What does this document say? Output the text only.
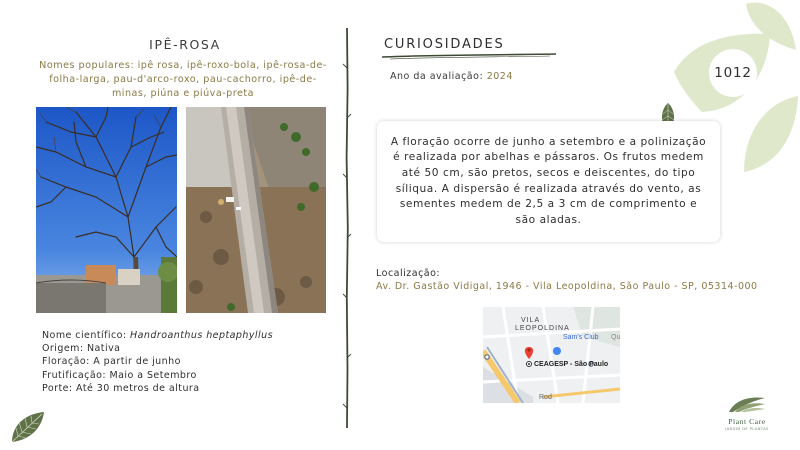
IPÊ-ROSA
Nomes populares: ipê rosa, ipê-roxo-bola, ipê-rosa-de-folha-larga, pau-d'arco-roxo, pau-cachorro, ipê-de-minas, piúna e piúva-preta
Nome científico: Handroanthus heptaphyllus
Origem: Nativa
Floração: A partir de junho
Frutificação: Maio a Setembro
Porte: Até 30 metros de altura
CURIOSIDADES
Ano da avaliação: 2024	1012
A floração ocorre de junho a setembro e a polinização é realizada por abelhas e pássaros. Os frutos medem até 50 cm, são pretos, secos e deiscentes, do tipo síliqua. A dispersão é realizada através do vento, as sementes medem de 2,5 a 3 cm de comprimento e são aladas.
Localização:
Av. Dr. Gastão Vidigal, 1946 - Vila Leopoldina, São Paulo - SP, 05314-000
VILA
LEOPOLDINA
Sam's Club
CEAGESP - São Paulo
Rod
Qu
Plant Care
JARDIM DE PLANTAS
